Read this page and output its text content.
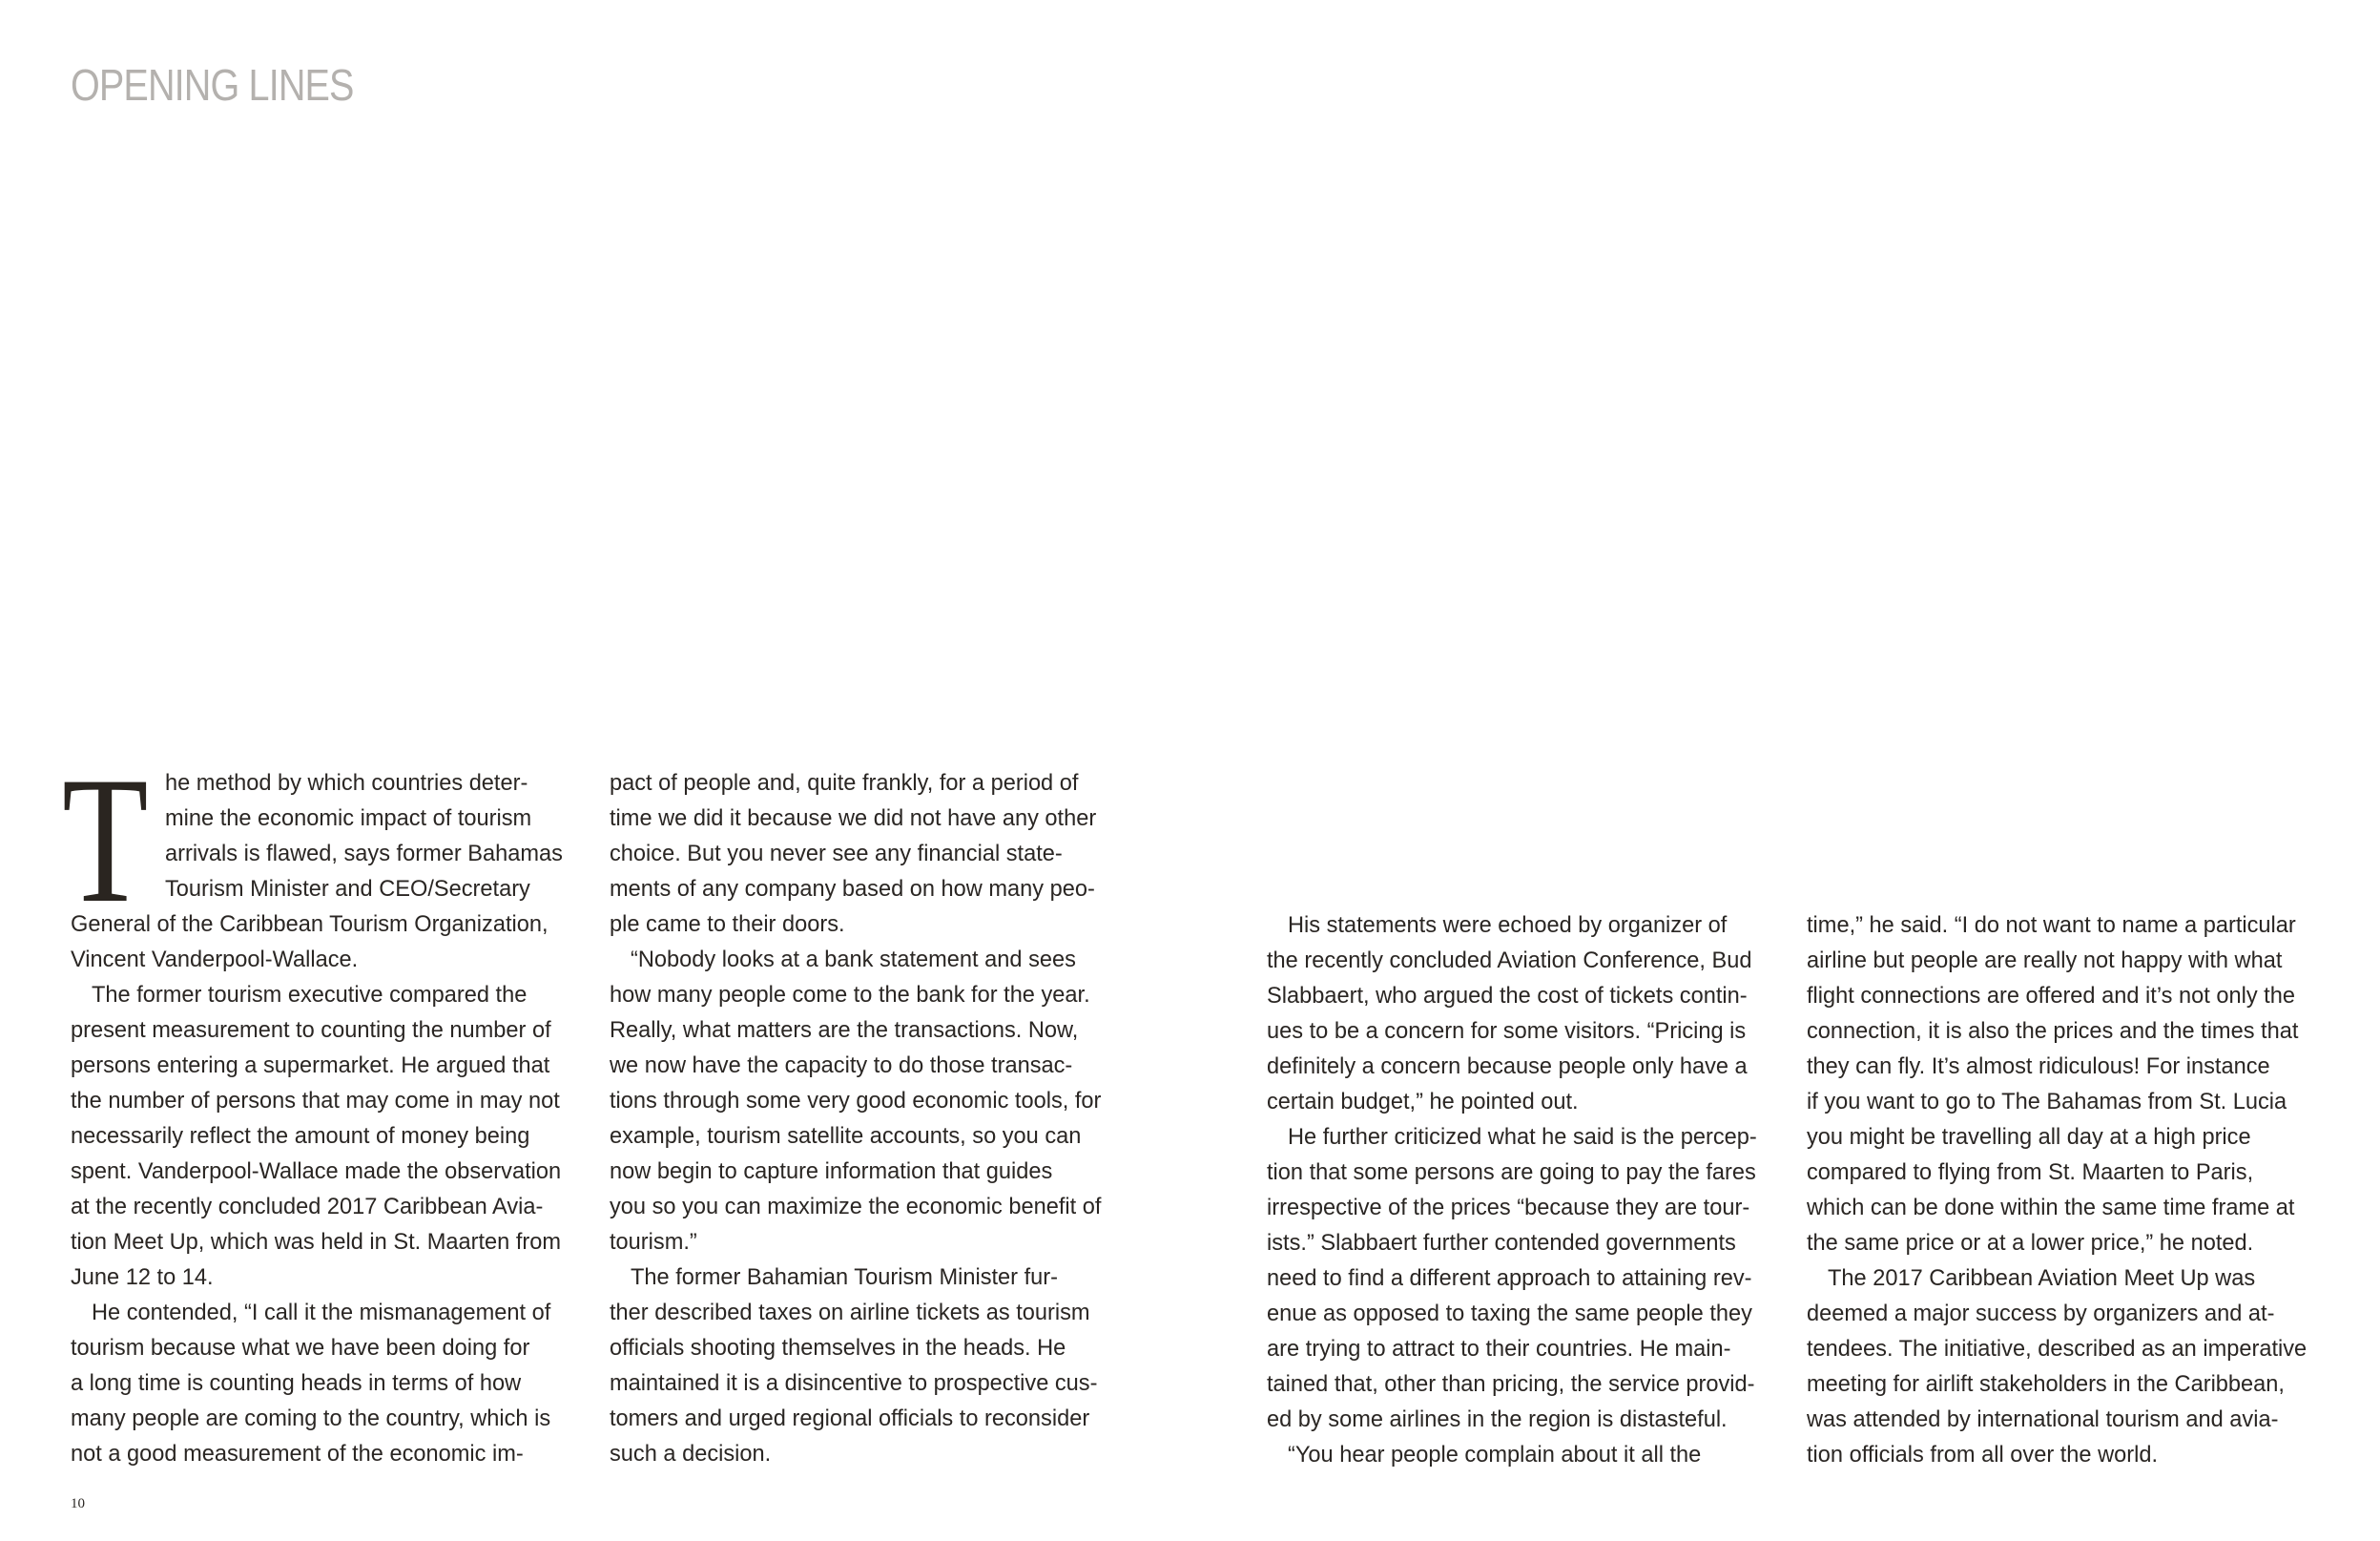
OPENING LINES
T he method by which countries deter-
mine the economic impact of tourism
arrivals is flawed, says former Bahamas
Tourism Minister and CEO/Secretary
General of the Caribbean Tourism Organization,
Vincent Vanderpool-Wallace.
The former tourism executive compared the
present measurement to counting the number of
persons entering a supermarket. He argued that
the number of persons that may come in may not
necessarily reflect the amount of money being
spent. Vanderpool-Wallace made the observation
at the recently concluded 2017 Caribbean Avia-
tion Meet Up, which was held in St. Maarten from
June 12 to 14.
He contended, “I call it the mismanagement of
tourism because what we have been doing for
a long time is counting heads in terms of how
many people are coming to the country, which is
not a good measurement of the economic im-
pact of people and, quite frankly, for a period of
time we did it because we did not have any other
choice. But you never see any financial state-
ments of any company based on how many peo-
ple came to their doors.
“Nobody looks at a bank statement and sees
how many people come to the bank for the year.
Really, what matters are the transactions. Now,
we now have the capacity to do those transac-
tions through some very good economic tools, for
example, tourism satellite accounts, so you can
now begin to capture information that guides
you so you can maximize the economic benefit of
tourism.”
The former Bahamian Tourism Minister fur-
ther described taxes on airline tickets as tourism
officials shooting themselves in the heads. He
maintained it is a disincentive to prospective cus-
tomers and urged regional officials to reconsider
such a decision.
His statements were echoed by organizer of
the recently concluded Aviation Conference, Bud
Slabbaert, who argued the cost of tickets contin-
ues to be a concern for some visitors. “Pricing is
definitely a concern because people only have a
certain budget,” he pointed out.
He further criticized what he said is the percep-
tion that some persons are going to pay the fares
irrespective of the prices “because they are tour-
ists.” Slabbaert further contended governments
need to find a different approach to attaining rev-
enue as opposed to taxing the same people they
are trying to attract to their countries. He main-
tained that, other than pricing, the service provid-
ed by some airlines in the region is distasteful.
“You hear people complain about it all the
time,” he said. “I do not want to name a particular
airline but people are really not happy with what
flight connections are offered and it’s not only the
connection, it is also the prices and the times that
they can fly. It’s almost ridiculous! For instance
if you want to go to The Bahamas from St. Lucia
you might be travelling all day at a high price
compared to flying from St. Maarten to Paris,
which can be done within the same time frame at
the same price or at a lower price,” he noted.
The 2017 Caribbean Aviation Meet Up was
deemed a major success by organizers and at-
tendees. The initiative, described as an imperative
meeting for airlift stakeholders in the Caribbean,
was attended by international tourism and avia-
tion officials from all over the world.
10
